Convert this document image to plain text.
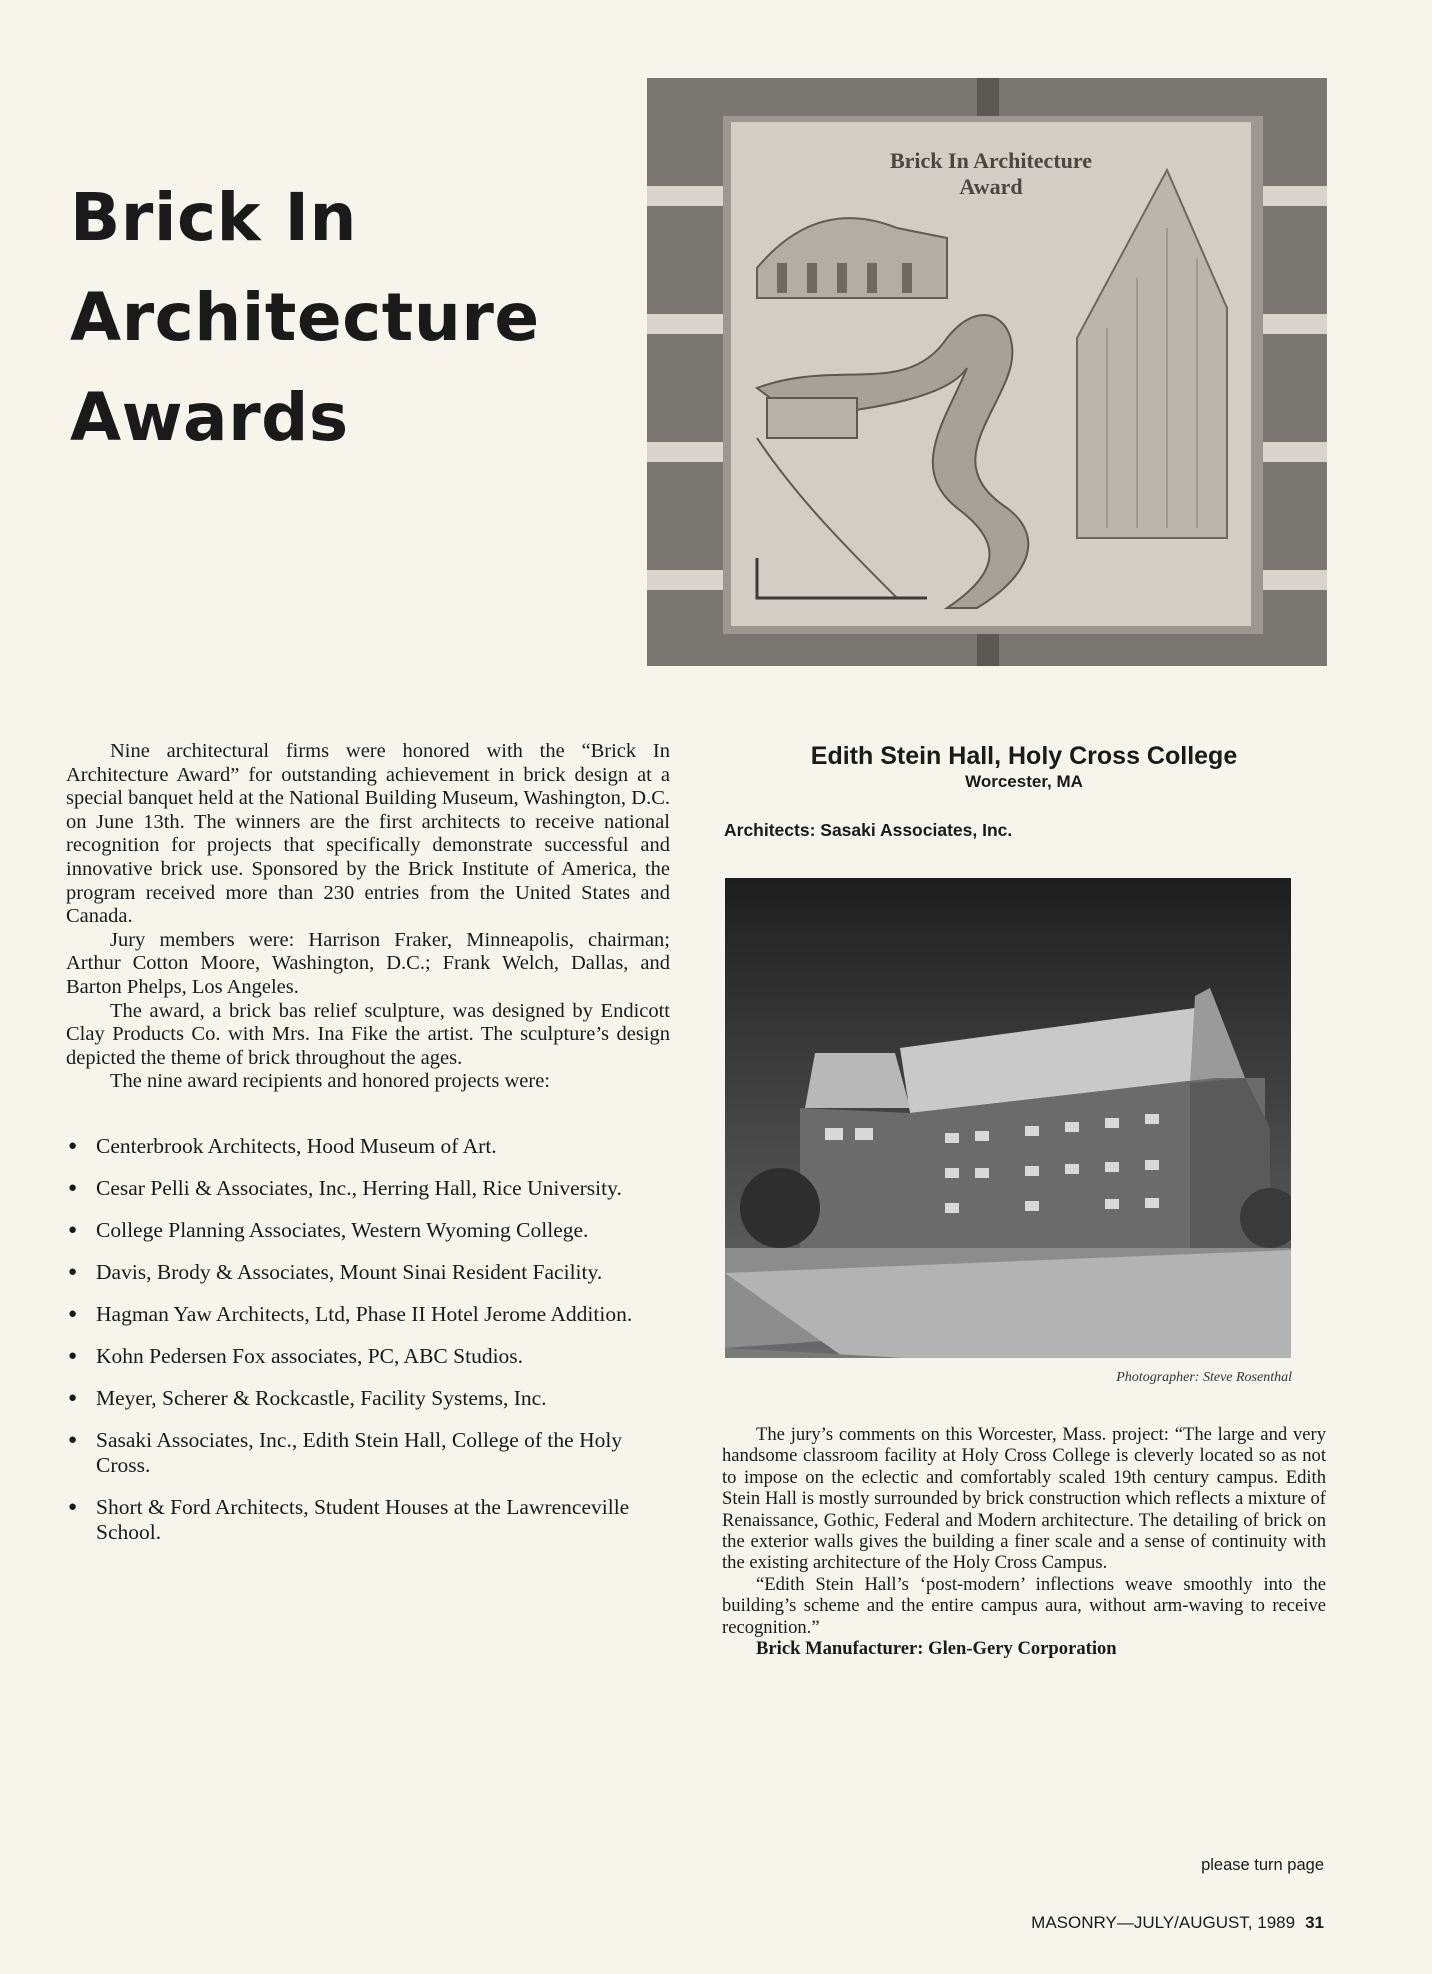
Brick In
Architecture
Awards
Brick In Architecture
Award

Nine architectural firms were honored with the “Brick In Architecture Award” for outstanding achievement in brick design at a special banquet held at the National Building Museum, Washington, D.C. on June 13th. The winners are the first architects to receive national recognition for projects that specifically demonstrate successful and innovative brick use. Sponsored by the Brick Institute of America, the program received more than 230 entries from the United States and Canada.

Jury members were: Harrison Fraker, Minneapolis, chairman; Arthur Cotton Moore, Washington, D.C.; Frank Welch, Dallas, and Barton Phelps, Los Angeles.

The award, a brick bas relief sculpture, was designed by Endicott Clay Products Co. with Mrs. Ina Fike the artist. The sculpture’s design depicted the theme of brick throughout the ages.

The nine award recipients and honored projects were:

● Centerbrook Architects, Hood Museum of Art.
● Cesar Pelli & Associates, Inc., Herring Hall, Rice University.
● College Planning Associates, Western Wyoming College.
● Davis, Brody & Associates, Mount Sinai Resident Facility.
● Hagman Yaw Architects, Ltd, Phase II Hotel Jerome Addition.
● Kohn Pedersen Fox associates, PC, ABC Studios.
● Meyer, Scherer & Rockcastle, Facility Systems, Inc.
● Sasaki Associates, Inc., Edith Stein Hall, College of the Holy Cross.
● Short & Ford Architects, Student Houses at the Lawrenceville School.
Edith Stein Hall, Holy Cross College
Worcester, MA
Architects: Sasaki Associates, Inc.
Photographer: Steve Rosenthal

The jury’s comments on this Worcester, Mass. project: “The large and very handsome classroom facility at Holy Cross College is cleverly located so as not to impose on the eclectic and comfortably scaled 19th century campus. Edith Stein Hall is mostly surrounded by brick construction which reflects a mixture of Renaissance, Gothic, Federal and Modern architecture. The detailing of brick on the exterior walls gives the building a finer scale and a sense of continuity with the existing architecture of the Holy Cross Campus.

“Edith Stein Hall’s ‘post-modern’ inflections weave smoothly into the building’s scheme and the entire campus aura, without arm-waving to receive recognition.”

Brick Manufacturer: Glen-Gery Corporation

please turn page
MASONRY—JULY/AUGUST, 1989 31
